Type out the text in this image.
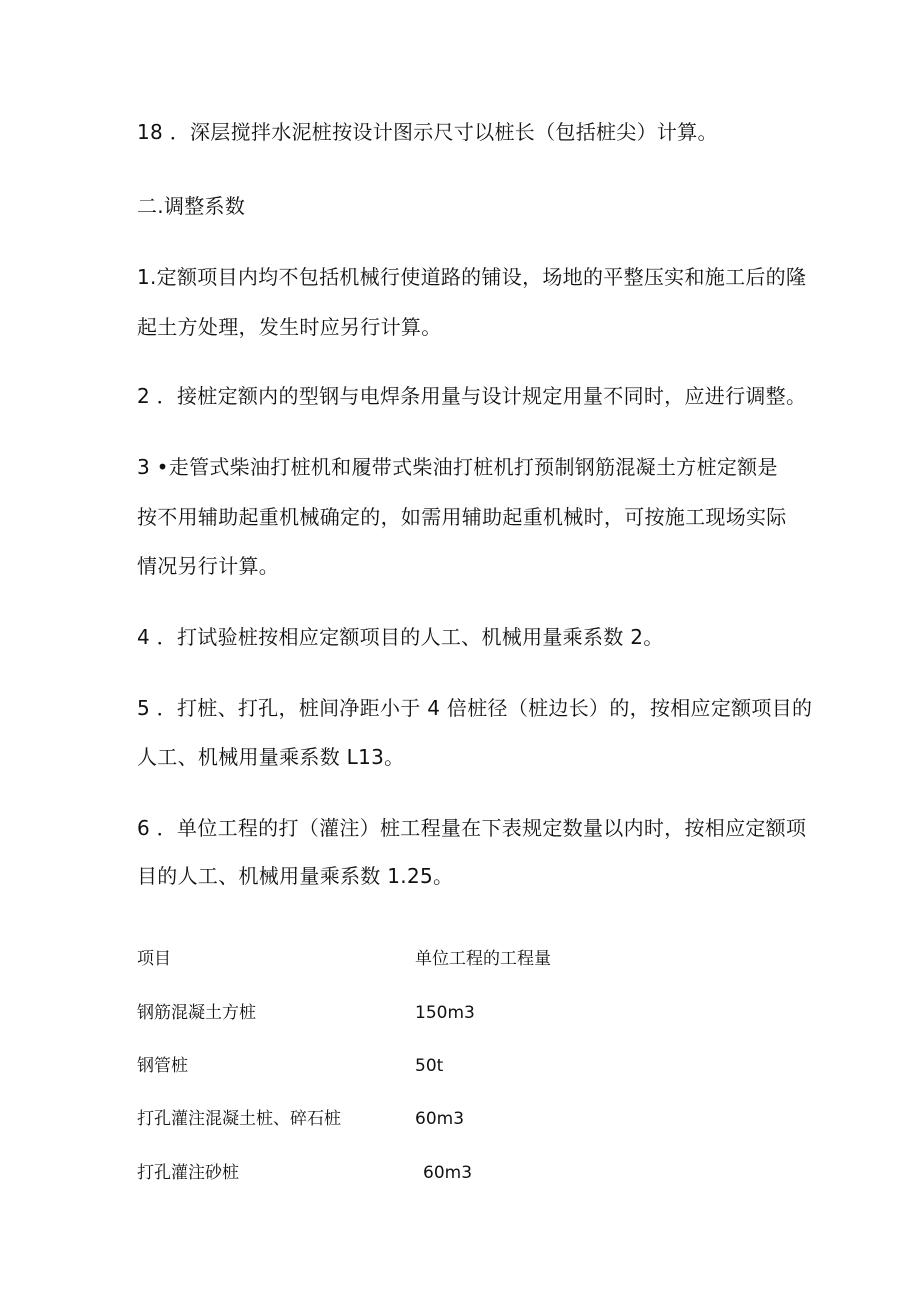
18 ．深层搅拌水泥桩按设计图示尺寸以桩长（包括桩尖）计算。
二.调整系数
1.定额项目内均不包括机械行使道路的铺设，场地的平整压实和施工后的隆
起土方处理，发生时应另行计算。
2 ．接桩定额内的型钢与电焊条用量与设计规定用量不同时，应进行调整。
3 •走管式柴油打桩机和履带式柴油打桩机打预制钢筋混凝土方桩定额是
按不用辅助起重机械确定的，如需用辅助起重机械时，可按施工现场实际
情况另行计算。
4 ．打试验桩按相应定额项目的人工、机械用量乘系数 2。
5 ．打桩、打孔，桩间净距小于 4 倍桩径（桩边长）的，按相应定额项目的
人工、机械用量乘系数 L13。
6 ．单位工程的打（灌注）桩工程量在下表规定数量以内时，按相应定额项
目的人工、机械用量乘系数 1.25。
项目	单位工程的工程量
钢筋混凝土方桩	150m3
钢管桩	50t
打孔灌注混凝土桩、碎石桩	60m3
打孔灌注砂桩	60m3
